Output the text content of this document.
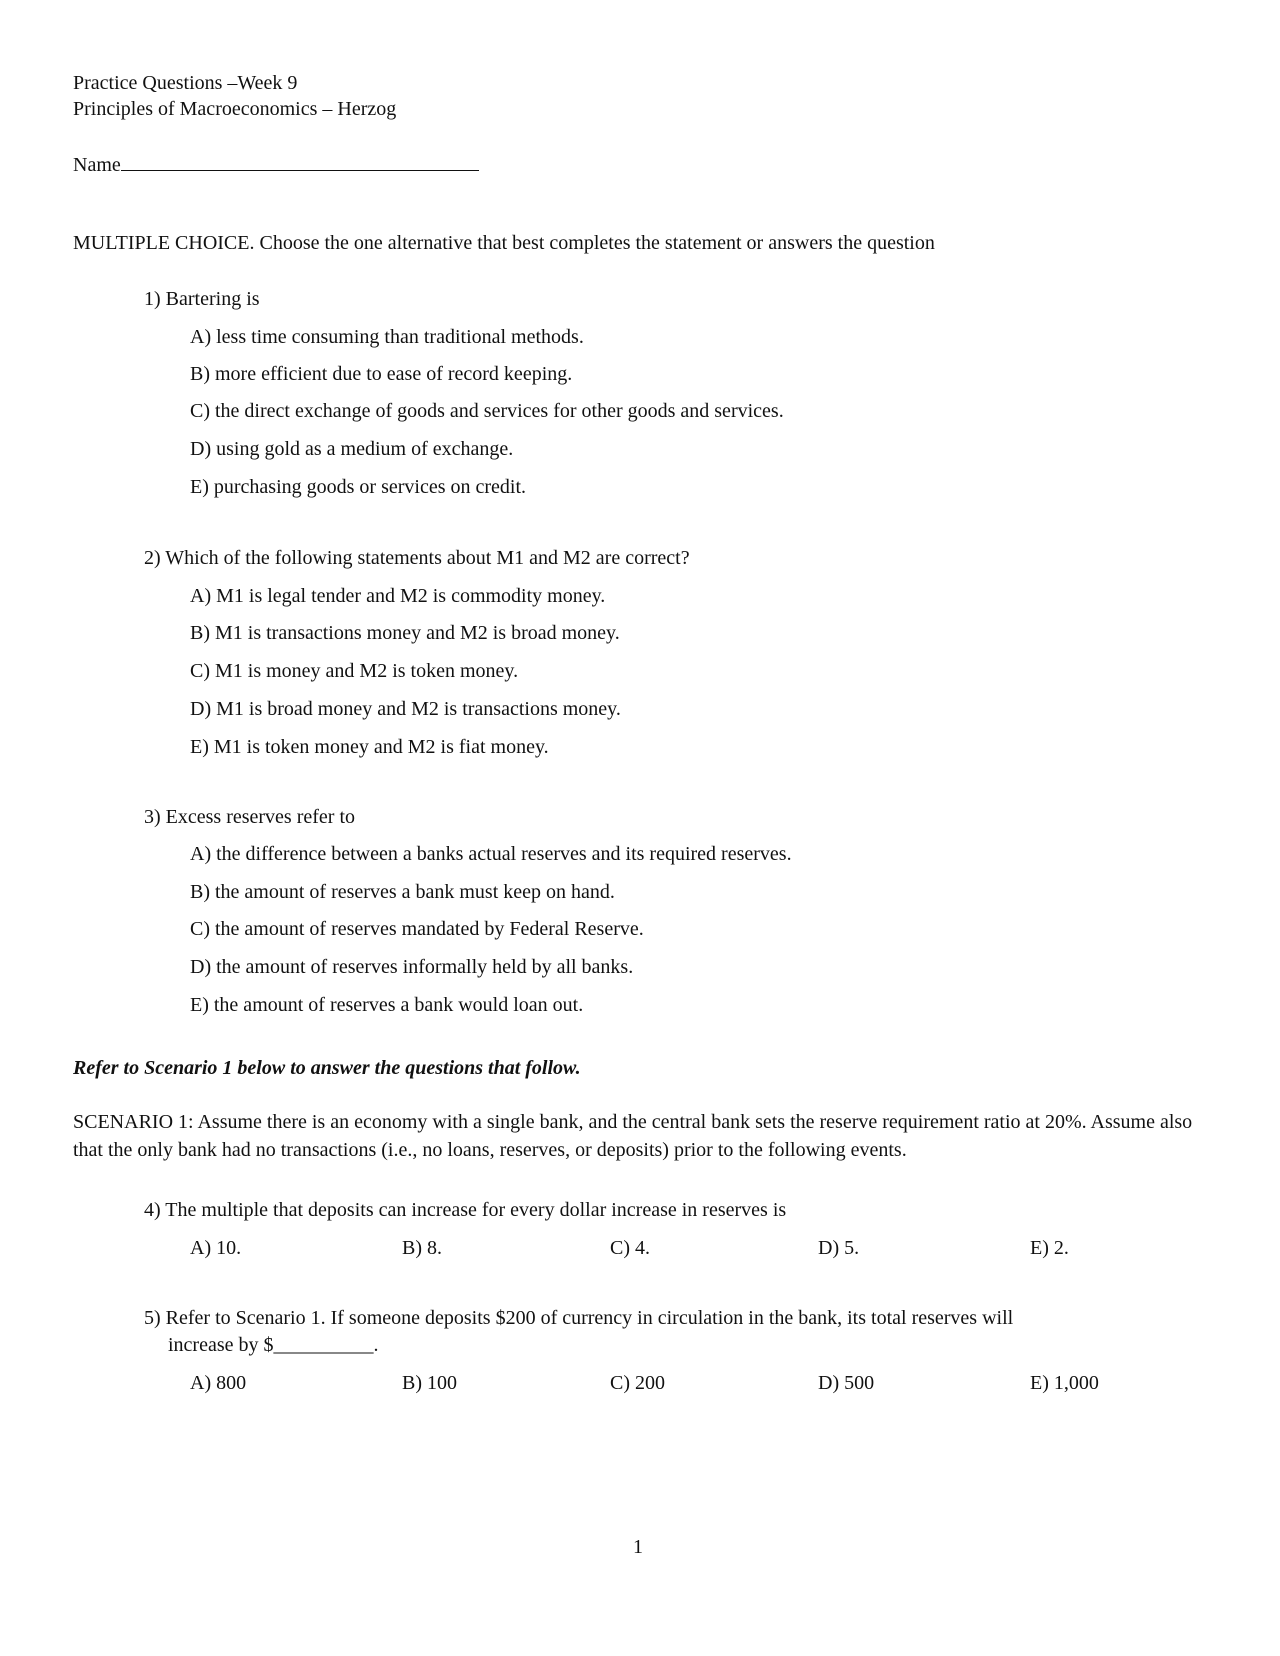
Practice Questions –Week 9
Principles of Macroeconomics – Herzog
Name
MULTIPLE CHOICE. Choose the one alternative that best completes the statement or answers the question
1) Bartering is
A) less time consuming than traditional methods.
B) more efficient due to ease of record keeping.
C) the direct exchange of goods and services for other goods and services.
D) using gold as a medium of exchange.
E) purchasing goods or services on credit.
2) Which of the following statements about M1 and M2 are correct?
A) M1 is legal tender and M2 is commodity money.
B) M1 is transactions money and M2 is broad money.
C) M1 is money and M2 is token money.
D) M1 is broad money and M2 is transactions money.
E) M1 is token money and M2 is fiat money.
3) Excess reserves refer to
A) the difference between a banks actual reserves and its required reserves.
B) the amount of reserves a bank must keep on hand.
C) the amount of reserves mandated by Federal Reserve.
D) the amount of reserves informally held by all banks.
E) the amount of reserves a bank would loan out.
Refer to Scenario 1 below to answer the questions that follow.
SCENARIO 1: Assume there is an economy with a single bank, and the central bank sets the reserve requirement ratio at 20%. Assume also that the only bank had no transactions (i.e., no loans, reserves, or deposits) prior to the following events.
4) The multiple that deposits can increase for every dollar increase in reserves is
A) 10.	B) 8.	C) 4.	D) 5.	E) 2.
5) Refer to Scenario 1. If someone deposits $200 of currency in circulation in the bank, its total reserves will
increase by $__________.
A) 800	B) 100	C) 200	D) 500	E) 1,000
1
